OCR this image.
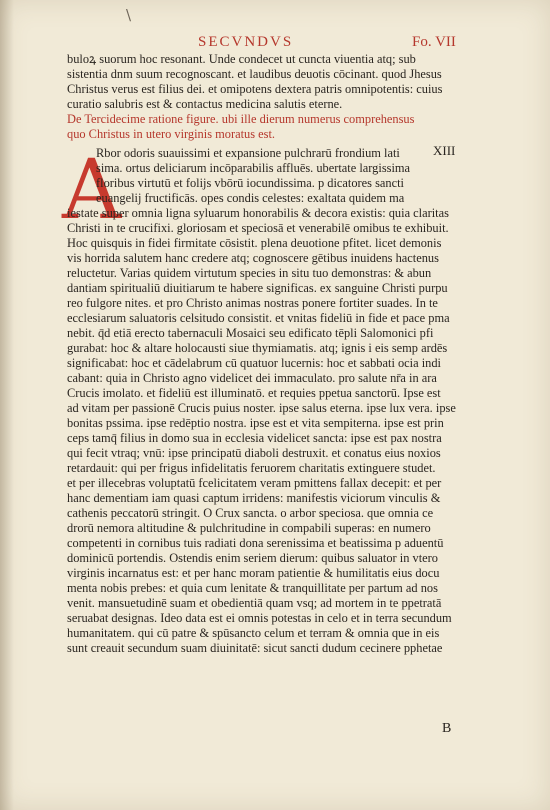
\
SECVNDVS	Fo. VII
buloꝝ suorum hoc resonant. Unde condecet ut cuncta viuentia atq; sub
sistentia dnm suum recognoscant. et laudibus deuotis cōcinant. quod Jhesus
Christus verus est filius dei. et omipotens dextera patris omnipotentis: cuius
curatio salubris est & contactus medicina salutis eterne.
De Tercidecime ratione figure. ubi ille dierum numerus comprehensus
quo Christus in utero virginis moratus est.
XIII
A
Rbor odoris suauissimi et expansione pulchrarū frondium lati
sima. ortus deliciarum incōparabilis affluēs. ubertate largissima
floribus virtutū et folijs vbōrū iocundissima. p dicatores sancti
euangelij fructificās. opes condis celestes: exaltata quidem ma
iestate super omnia ligna syluarum honorabilis & decora existis: quia claritas
Christi in te crucifixi. gloriosam et speciosā et venerabilē omibus te exhibuit.
Hoc quisquis in fidei firmitate cōsistit. plena deuotione pfitet. licet demonis
vis horrida salutem hanc credere atq; cognoscere gētibus inuidens hactenus
reluctetur. Varias quidem virtutum species in situ tuo demonstras: & abun
dantiam spiritualiū diuitiarum te habere significas. ex sanguine Christi purpu
reo fulgore nites. et pro Christo animas nostras ponere fortiter suades. In te
ecclesiarum saluatoris celsitudo consistit. et vnitas fideliū in fide et pace pma
nebit. q̄d etiā erecto tabernaculi Mosaici seu edificato tēpli Salomonici pfi
gurabat: hoc & altare holocausti siue thymiamatis. atq; ignis i eis semp ardēs
significabat: hoc et cādelabrum cū quatuor lucernis: hoc et sabbati ocia indi
cabant: quia in Christo agno videlicet dei immaculato. pro salute nr̄a in ara
Crucis imolato. et fideliū est illuminatō. et requies ppetua sanctorū. Ipse est
ad vitam per passionē Crucis puius noster. ipse salus eterna. ipse lux vera. ipse
bonitas pssima. ipse redēptio nostra. ipse est et vita sempiterna. ipse est prin
ceps tamq̄ filius in domo sua in ecclesia videlicet sancta: ipse est pax nostra
qui fecit vtraq; vnū: ipse principatū diaboli destruxit. et conatus eius noxios
retardauit: qui per frigus infidelitatis feruorem charitatis extinguere studet.
et per illecebras voluptatū fcelicitatem veram pmittens fallax decepit: et per
hanc dementiam iam quasi captum irridens: manifestis viciorum vinculis &
cathenis peccatorū stringit. O Crux sancta. o arbor speciosa. que omnia ce
drorū nemora altitudine & pulchritudine in compabili superas: en numero
competenti in cornibus tuis radiati dona serenissima et beatissima p aduentū
dominicū portendis. Ostendis enim seriem dierum: quibus saluator in vtero
virginis incarnatus est: et per hanc moram patientie & humilitatis eius docu
menta nobis prebes: et quia cum lenitate & tranquillitate per partum ad nos
venit. mansuetudinē suam et obedientiā quam vsq; ad mortem in te ppetratā
seruabat designas. Ideo data est ei omnis potestas in celo et in terra secundum
humanitatem. qui cū patre & spūsancto celum et terram & omnia que in eis
sunt creauit secundum suam diuinitatē: sicut sancti dudum cecinere pphetae
B
